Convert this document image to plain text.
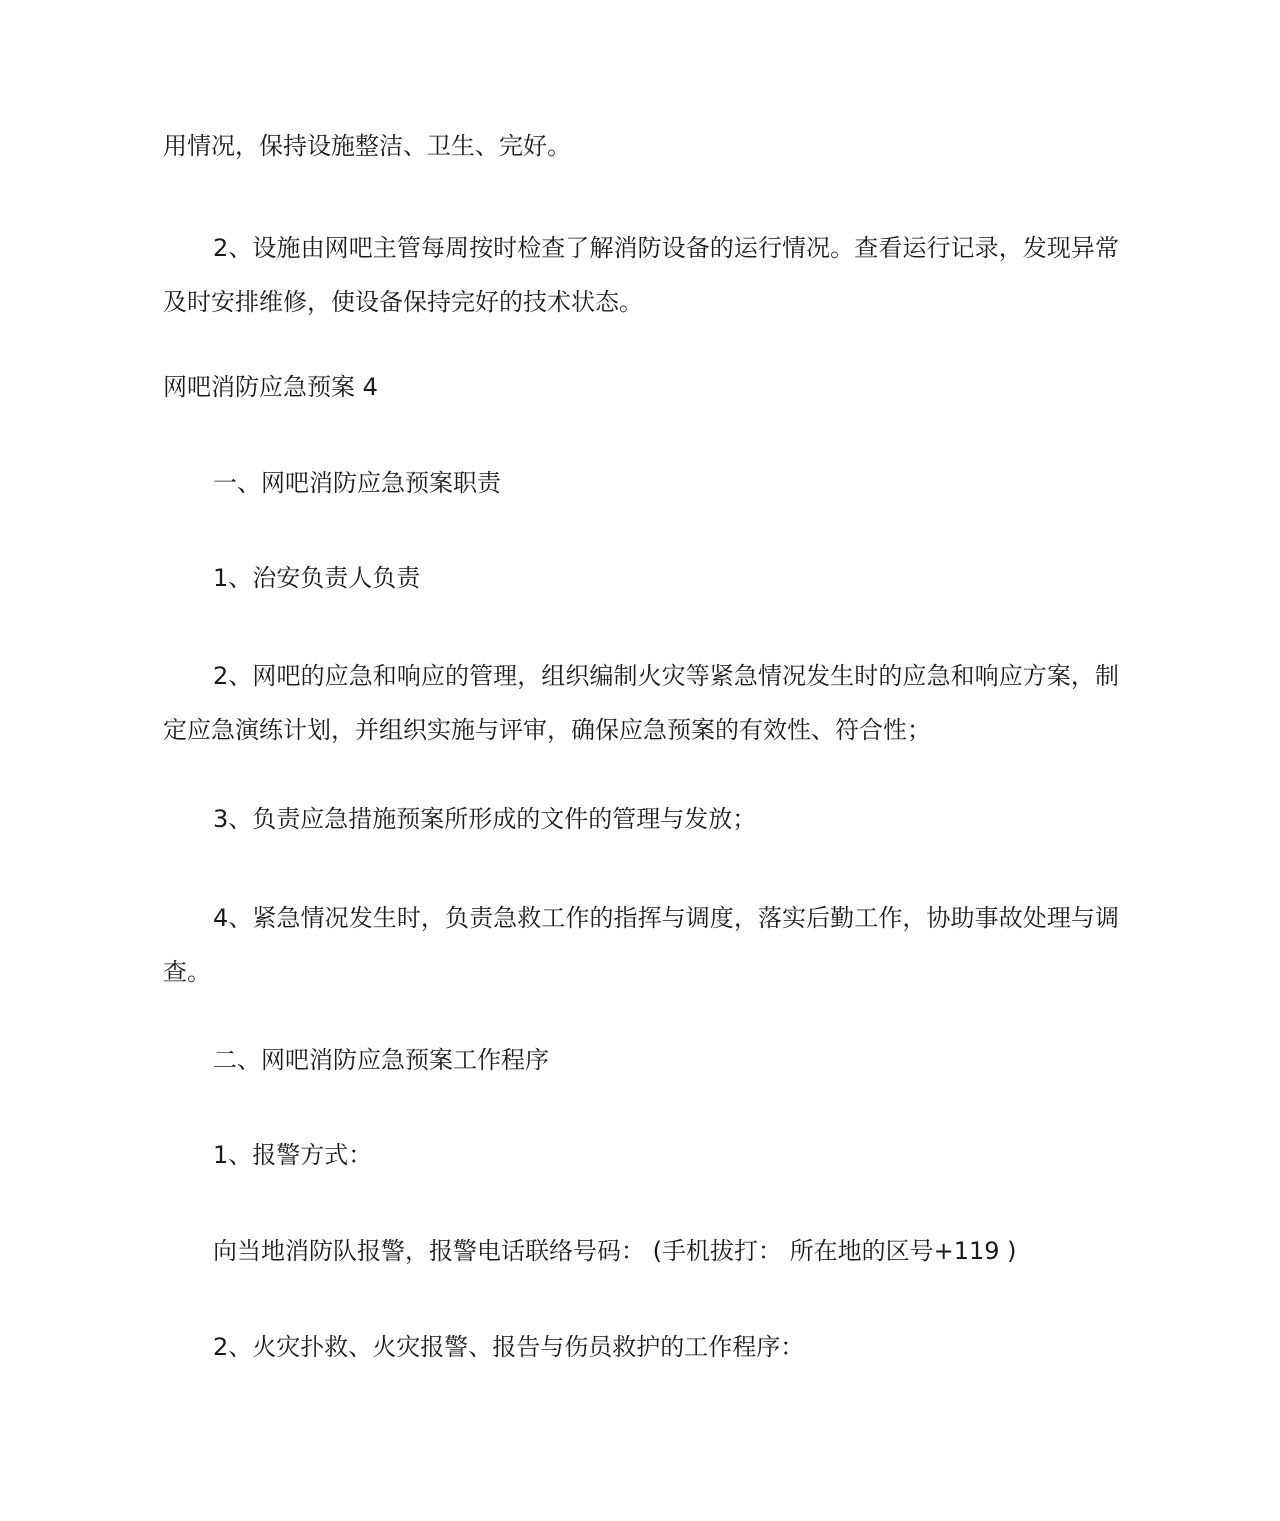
用情况，保持设施整洁、卫生、完好。
2、设施由网吧主管每周按时检查了解消防设备的运行情况。查看运行记录，发现异常及时安排维修，使设备保持完好的技术状态。
网吧消防应急预案 4
一、网吧消防应急预案职责
1、治安负责人负责
2、网吧的应急和响应的管理，组织编制火灾等紧急情况发生时的应急和响应方案，制定应急演练计划，并组织实施与评审，确保应急预案的有效性、符合性；
3、负责应急措施预案所形成的文件的管理与发放；
4、紧急情况发生时，负责急救工作的指挥与调度，落实后勤工作，协助事故处理与调查。
二、网吧消防应急预案工作程序
1、报警方式：
向当地消防队报警，报警电话联络号码： (手机拔打： 所在地的区号+119 )
2、火灾扑救、火灾报警、报告与伤员救护的工作程序：
